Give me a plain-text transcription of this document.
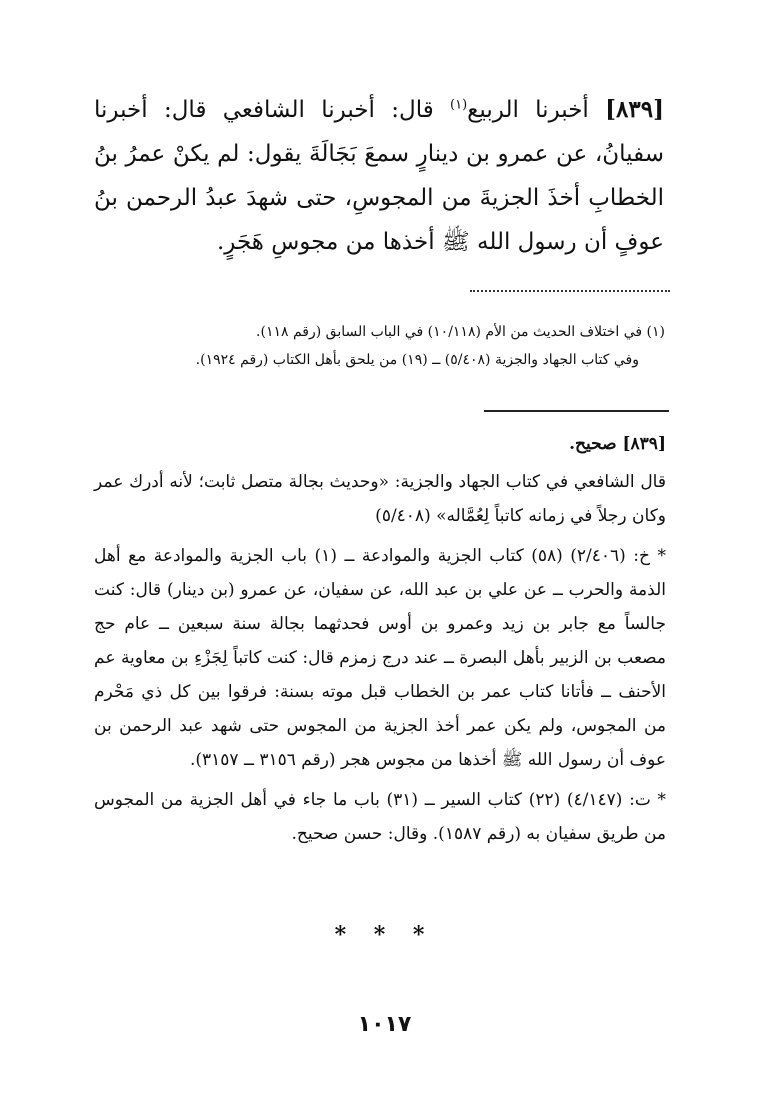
[٨٣٩] أخبرنا الربيع$^{(١)}$ قال: أخبرنا الشافعي قال: أخبرنا سفيانُ، عن عمرو بن دينارٍ سمعَ بَجَالَةَ يقول: لم يكنْ عمرُ بنُ الخطابِ أخذَ الجزيةَ من المجوسِ، حتى شهدَ عبدُ الرحمن بنُ عوفٍ أن رسول الله ﷺ أخذها من مجوسِ هَجَرٍ.

(١) في اختلاف الحديث من الأم (١٠/١١٨) في الباب السابق (رقم ١١٨).

وفي كتاب الجهاد والجزية (٥/٤٠٨) ــ (١٩) من يلحق بأهل الكتاب (رقم ١٩٢٤).

[٨٣٩] صحيح.

قال الشافعي في كتاب الجهاد والجزية: «وحديث بجالة متصل ثابت؛ لأنه أدرك عمر وكان رجلاً في زمانه كاتباً لِعُمَّاله» (٥/٤٠٨)

* خ: (٢/٤٠٦) (٥٨) كتاب الجزية والموادعة ــ (١) باب الجزية والموادعة مع أهل الذمة والحرب ــ عن علي بن عبد الله، عن سفيان، عن عمرو (بن دينار) قال: كنت جالساً مع جابر بن زيد وعمرو بن أوس فحدثهما بجالة سنة سبعين ــ عام حج مصعب بن الزبير بأهل البصرة ــ عند درج زمزم قال: كنت كاتباً لِجَزْءِ بن معاوية عم الأحنف ــ فأتانا كتاب عمر بن الخطاب قبل موته بسنة: فرقوا بين كل ذي مَحْرم من المجوس، ولم يكن عمر أخذ الجزية من المجوس حتى شهد عبد الرحمن بن عوف أن رسول الله ﷺ أخذها من مجوس هجر (رقم ٣١٥٦ ــ ٣١٥٧).

* ت: (٤/١٤٧) (٢٢) كتاب السير ــ (٣١) باب ما جاء في أهل الجزية من المجوس من طريق سفيان به (رقم ١٥٨٧). وقال: حسن صحيح.

* * *
١٠١٧
